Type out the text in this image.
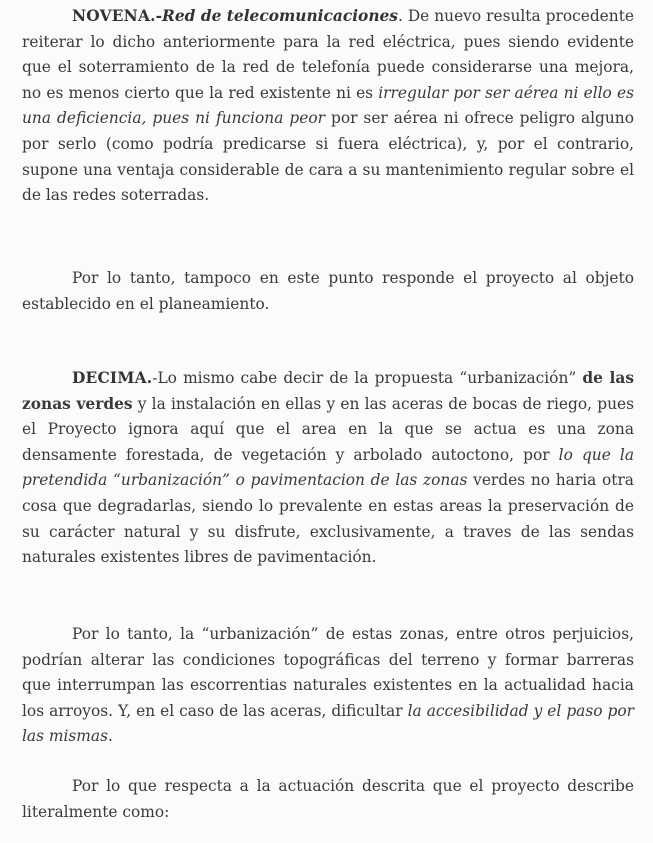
NOVENA.-Red de telecomunicaciones. De nuevo resulta procedente reiterar lo dicho anteriormente para la red eléctrica, pues siendo evidente que el soterramiento de la red de telefonía puede considerarse una mejora, no es menos cierto que la red existente ni es irregular por ser aérea ni ello es una deficiencia, pues ni funciona peor por ser aérea ni ofrece peligro alguno por serlo (como podría predicarse si fuera eléctrica), y, por el contrario, supone una ventaja considerable de cara a su mantenimiento regular sobre el de las redes soterradas.

Por lo tanto, tampoco en este punto responde el proyecto al objeto establecido en el planeamiento.

DECIMA.-Lo mismo cabe decir de la propuesta “urbanización” de las zonas verdes y la instalación en ellas y en las aceras de bocas de riego, pues el Proyecto ignora aquí que el area en la que se actua es una zona densamente forestada, de vegetación y arbolado autoctono, por lo que la pretendida “urbanización” o pavimentacion de las zonas verdes no haria otra cosa que degradarlas, siendo lo prevalente en estas areas la preservación de su carácter natural y su disfrute, exclusivamente, a traves de las sendas naturales existentes libres de pavimentación.

Por lo tanto, la “urbanización” de estas zonas, entre otros perjuicios, podrían alterar las condiciones topográficas del terreno y formar barreras que interrumpan las escorrentias naturales existentes en la actualidad hacia los arroyos. Y, en el caso de las aceras, dificultar la accesibilidad y el paso por las mismas.

Por lo que respecta a la actuación descrita que el proyecto describe literalmente como:
